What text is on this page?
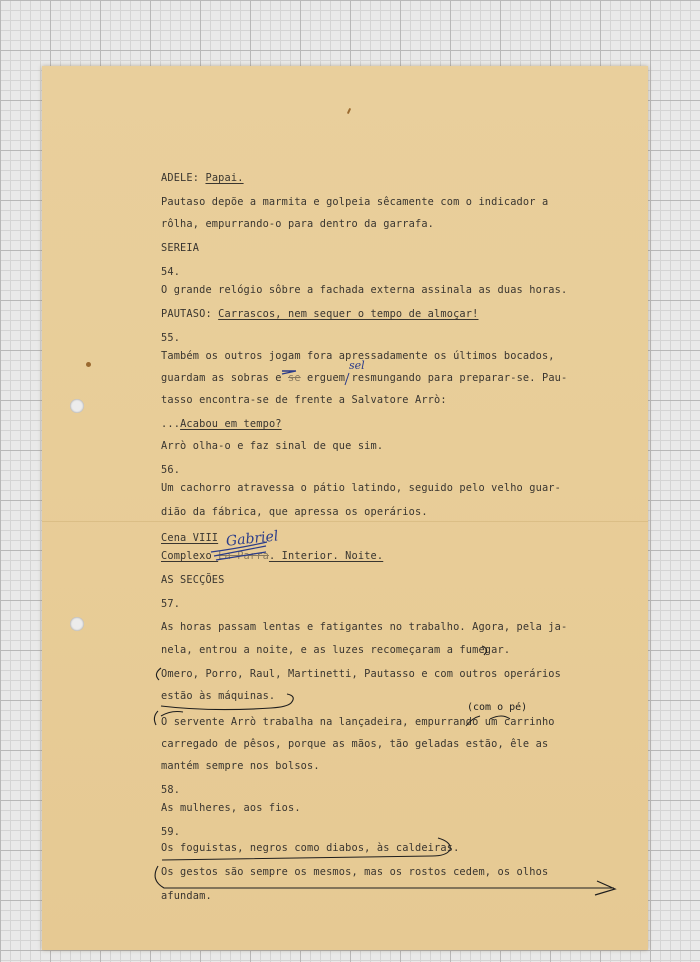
ADELE: Papai.
Pautaso depõe a marmita e golpeia sêcamente com o indicador a
rôlha, empurrando-o para dentro da garrafa.
SEREIA
54.
O grande relógio sôbre a fachada externa assinala as duas horas.
PAUTASO: Carrascos, nem sequer o tempo de almoçar!
55.
Também os outros jogam fora apressadamente os últimos bocados,
guardam as sobras e se erguem resmungando para preparar-se. Pau-
tasso encontra-se de frente a Salvatore Arrò:
...Acabou em tempo?
Arrò olha-o e faz sinal de que sim.
56.
Um cachorro atravessa o pátio latindo, seguido pelo velho guar-
dião da fábrica, que apressa os operários.
Cena VIII
Complexo La Parra. Interior. Noite.
AS SECÇÕES
57.
As horas passam lentas e fatigantes no trabalho. Agora, pela ja-
nela, entrou a noite, e as luzes recomeçaram a fumegar.
Omero, Porro, Raul, Martinetti, Pautasso e com outros operários
estão às máquinas.
O servente Arrò trabalha na lançadeira, empurrando um carrinho
carregado de pêsos, porque as mãos, tão geladas estão, êle as
mantém sempre nos bolsos.
58.
As mulheres, aos fios.
59.
Os foguistas, negros como diabos, às caldeiras.
Os gestos são sempre os mesmos, mas os rostos cedem, os olhos
afundam.
sel
Gabriel
(com o pé)
